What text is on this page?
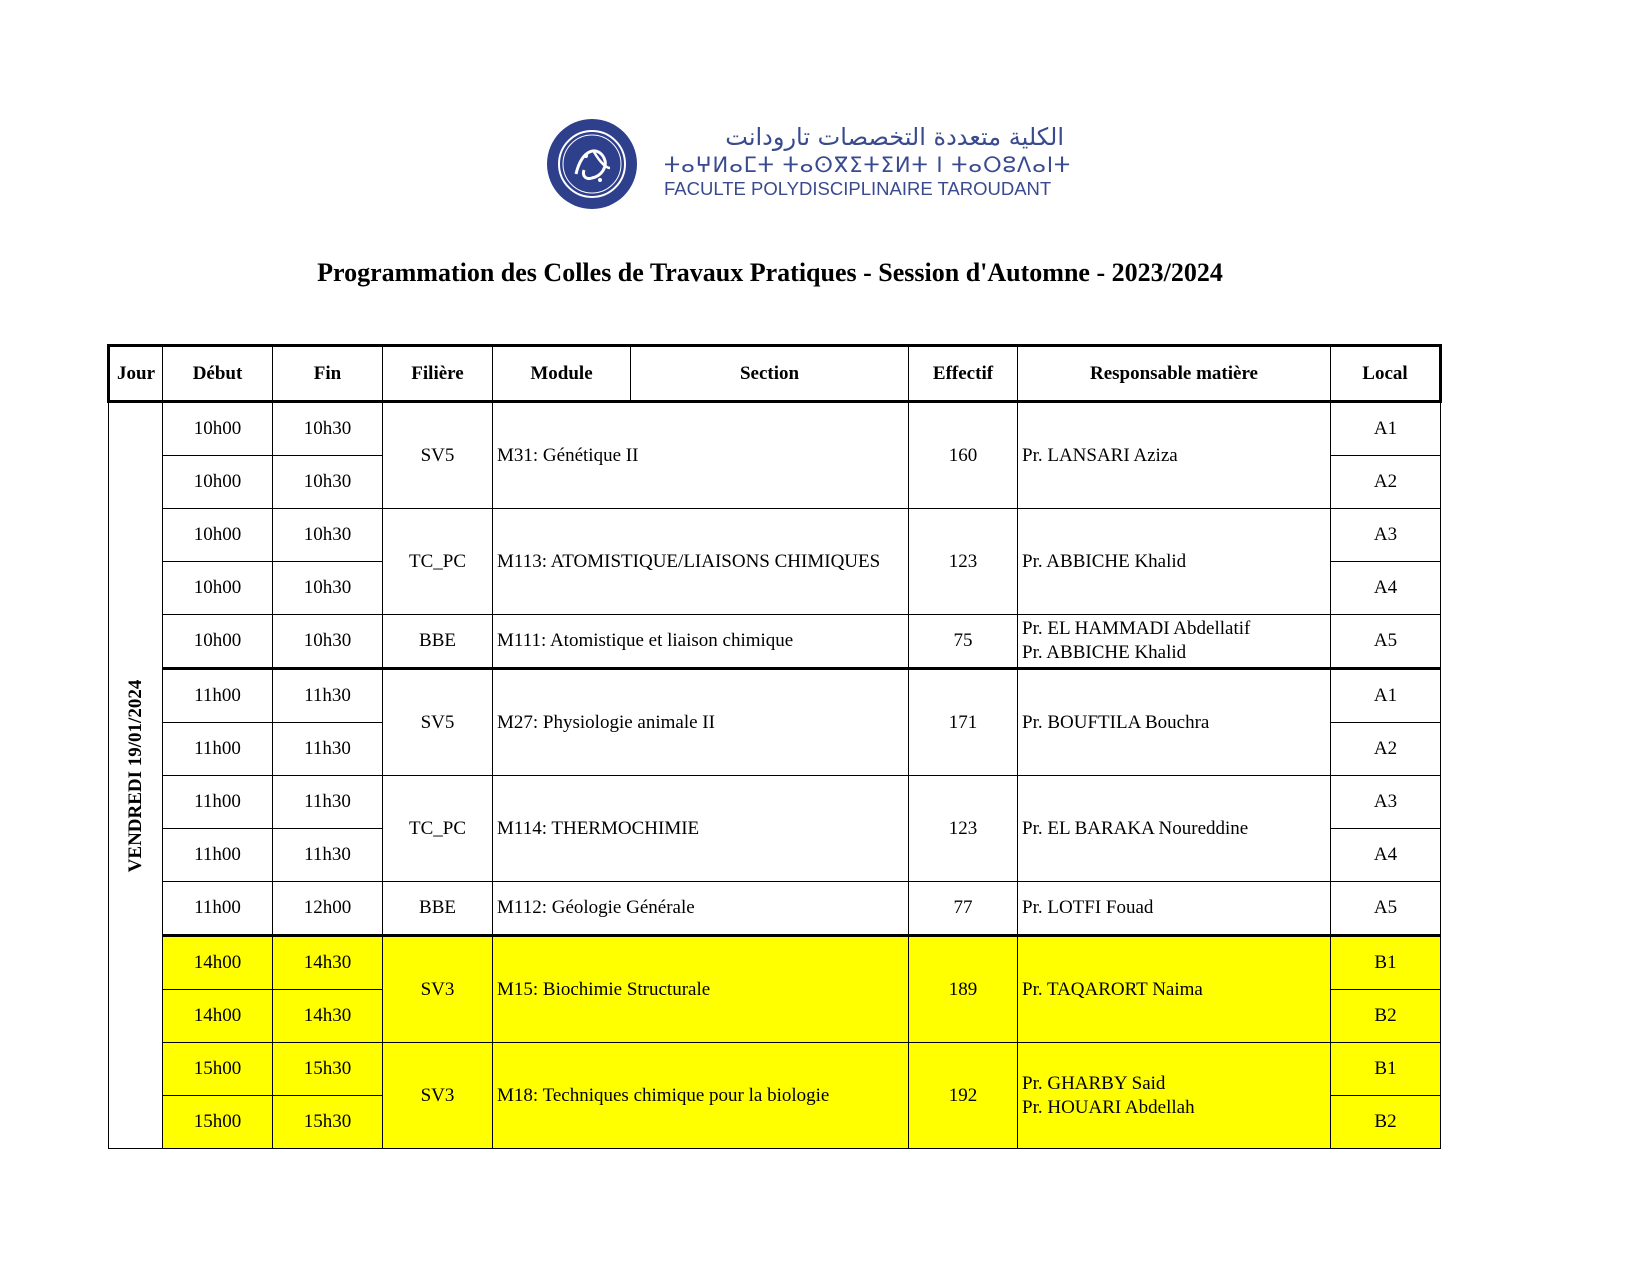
الكلية متعددة التخصصات تارودانت
ⵜⴰⵖⵍⴰⵎⵜ ⵜⴰⵙⴳⵉⵜⵉⵍⵜ ⵏ ⵜⴰⵔⵓⴷⴰⵏⵜ
FACULTE POLYDISCIPLINAIRE TAROUDANT
Programmation des Colles de Travaux Pratiques - Session d'Automne - 2023/2024
Jour	Début	Fin	Filière	Module	Section	Effectif	Responsable matière	Local

VENDREDI 19/01/2024	10h00	10h30	SV5	M31: Génétique II		160	Pr. LANSARI Aziza	A1
	10h00	10h30						A2
	10h00	10h30	TC_PC	M113: ATOMISTIQUE/LIAISONS CHIMIQUES		123	Pr. ABBICHE Khalid	A3
	10h00	10h30						A4
	10h00	10h30	BBE	M111: Atomistique et liaison chimique		75	Pr. EL HAMMADI Abdellatif
Pr. ABBICHE Khalid	A5
	11h00	11h30	SV5	M27: Physiologie animale II		171	Pr. BOUFTILA Bouchra	A1
	11h00	11h30						A2
	11h00	11h30	TC_PC	M114: THERMOCHIMIE		123	Pr. EL BARAKA Noureddine	A3
	11h00	11h30						A4
	11h00	12h00	BBE	M112: Géologie Générale		77	Pr. LOTFI Fouad	A5
	14h00	14h30	SV3	M15: Biochimie Structurale		189	Pr. TAQARORT Naima	B1
	14h00	14h30						B2
	15h00	15h30	SV3	M18: Techniques chimique pour la biologie		192	Pr. GHARBY Said
Pr. HOUARI Abdellah	B1
	15h00	15h30						B2
